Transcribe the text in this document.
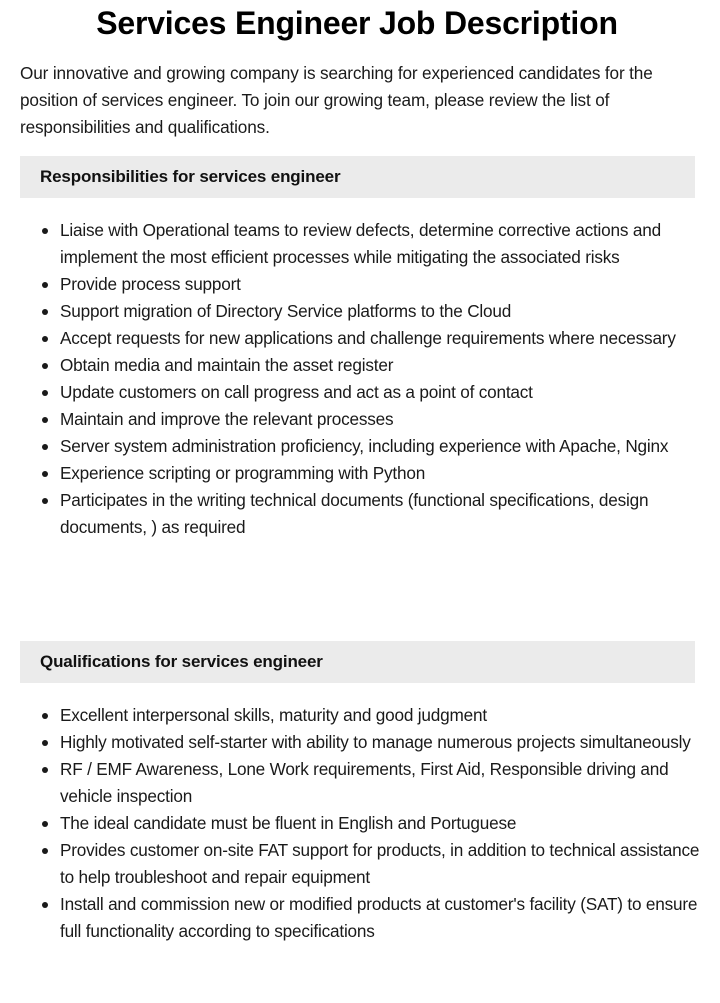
Services Engineer Job Description

Our innovative and growing company is searching for experienced candidates for the position of services engineer. To join our growing team, please review the list of responsibilities and qualifications.

Responsibilities for services engineer
Liaise with Operational teams to review defects, determine corrective actions and implement the most efficient processes while mitigating the associated risks
Provide process support
Support migration of Directory Service platforms to the Cloud
Accept requests for new applications and challenge requirements where necessary
Obtain media and maintain the asset register
Update customers on call progress and act as a point of contact
Maintain and improve the relevant processes
Server system administration proficiency, including experience with Apache, Nginx
Experience scripting or programming with Python
Participates in the writing technical documents (functional specifications, design documents, ) as required
Qualifications for services engineer
Excellent interpersonal skills, maturity and good judgment
Highly motivated self-starter with ability to manage numerous projects simultaneously
RF / EMF Awareness, Lone Work requirements, First Aid, Responsible driving and vehicle inspection
The ideal candidate must be fluent in English and Portuguese
Provides customer on-site FAT support for products, in addition to technical assistance to help troubleshoot and repair equipment
Install and commission new or modified products at customer's facility (SAT) to ensure full functionality according to specifications
